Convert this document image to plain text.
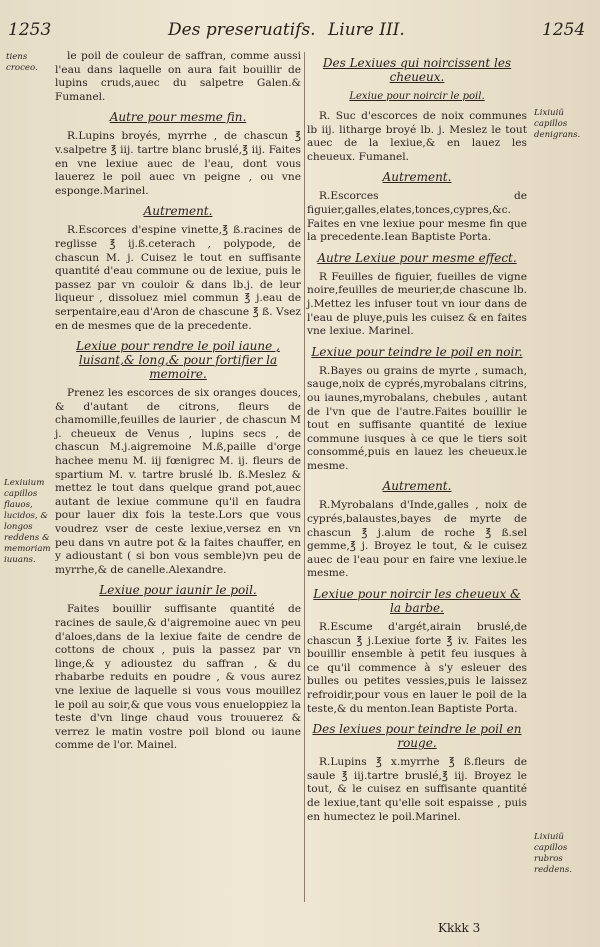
1253	Des preseruatifs. Liure III.	1254
tiens croceo.
Lexiuium capillos flauos, lucidos, & longos reddens & memoriam iuuans.
Lixiuiũ capillos denigrans.
Lixiuiũ capillos rubros reddens.
le poil de couleur de saffran, comme aussi l'eau dans laquelle on aura fait bouillir de lupins cruds,auec du salpetre Galen.& Fumanel.
Autre pour mesme fin.
R.Lupins broyés, myrrhe , de chascun ℥ v.salpetre ℥ iij. tartre blanc bruslé,℥ iij. Faites en vne lexiue auec de l'eau, dont vous lauerez le poil auec vn peigne , ou vne esponge.Marinel.
Autrement.
R.Escorces d'espine vinette,℥ ß.racines de reglisse ℥ ij.ß.ceterach , polypode, de chascun M. j. Cuisez le tout en suffisante quantité d'eau commune ou de lexiue, puis le passez par vn couloir & dans lb.j. de leur liqueur , dissoluez miel commun ℥ j.eau de serpentaire,eau d'Aron de chascune ℥ ß. Vsez en de mesmes que de la precedente.
Lexiue pour rendre le poil iaune , luisant,& long,& pour fortifier la memoire.
Prenez les escorces de six oranges douces, & d'autant de citrons, fleurs de chamomille,feuilles de laurier , de chascun M j. cheueux de Venus , lupins secs , de chascun M.j.aigremoine M.ß,paille d'orge hachee menu M. iij fœnigrec M. ij. fleurs de spartium M. v. tartre bruslé lb. ß.Meslez & mettez le tout dans quelque grand pot,auec autant de lexiue commune qu'il en faudra pour lauer dix fois la teste.Lors que vous voudrez vser de ceste lexiue,versez en vn peu dans vn autre pot & la faites chauffer, en y adioustant ( si bon vous semble)vn peu de myrrhe,& de canelle.Alexandre.
Lexiue pour iaunir le poil.
Faites bouillir suffisante quantité de racines de saule,& d'aigremoine auec vn peu d'aloes,dans de la lexiue faite de cendre de cottons de choux , puis la passez par vn linge,& y adioustez du saffran , & du rhabarbe reduits en poudre , & vous aurez vne lexiue de laquelle si vous vous mouillez le poil au soir,& que vous vous enueloppiez la teste d'vn linge chaud vous trouuerez & verrez le matin vostre poil blond ou iaune comme de l'or. Mainel.
Des Lexiues qui noircissent les cheueux.
Lexiue pour noircir le poil.
R. Suc d'escorces de noix communes lb iij. litharge broyé lb. j. Meslez le tout auec de la lexiue,& en lauez les cheueux. Fumanel.
Autrement.
R.Escorces de figuier,galles,elates,tonces,cypres,&c. Faites en vne lexiue pour mesme fin que la precedente.Iean Baptiste Porta.
Autre Lexiue pour mesme effect.
R Feuilles de figuier, fueilles de vigne noire,feuilles de meurier,de chascune lb. j.Mettez les infuser tout vn iour dans de l'eau de pluye,puis les cuisez & en faites vne lexiue. Marinel.
Lexiue pour teindre le poil en noir.
R.Bayes ou grains de myrte , sumach, sauge,noix de cyprés,myrobalans citrins, ou iaunes,myrobalans, chebules , autant de l'vn que de l'autre.Faites bouillir le tout en suffisante quantité de lexiue commune iusques à ce que le tiers soit consommé,puis en lauez les cheueux.le mesme.
Autrement.
R.Myrobalans d'Inde,galles , noix de cyprés,balaustes,bayes de myrte de chascun ℥ j.alum de roche ℥ ß.sel gemme,℥ j. Broyez le tout, & le cuisez auec de l'eau pour en faire vne lexiue.le mesme.
Lexiue pour noircir les cheueux & la barbe.
R.Escume d'argét,airain bruslé,de chascun ℥ j.Lexiue forte ℥ iv. Faites les bouillir ensemble à petit feu iusques à ce qu'il commence à s'y esleuer des bulles ou petites vessies,puis le laissez refroidir,pour vous en lauer le poil de la teste,& du menton.Iean Baptiste Porta.
Des lexiues pour teindre le poil en rouge.
R.Lupins ℥ x.myrrhe ℥ ß.fleurs de saule ℥ iij.tartre bruslé,℥ iij. Broyez le tout, & le cuisez en suffisante quantité de lexiue,tant qu'elle soit espaisse , puis en humectez le poil.Marinel.
Kkkk 3
